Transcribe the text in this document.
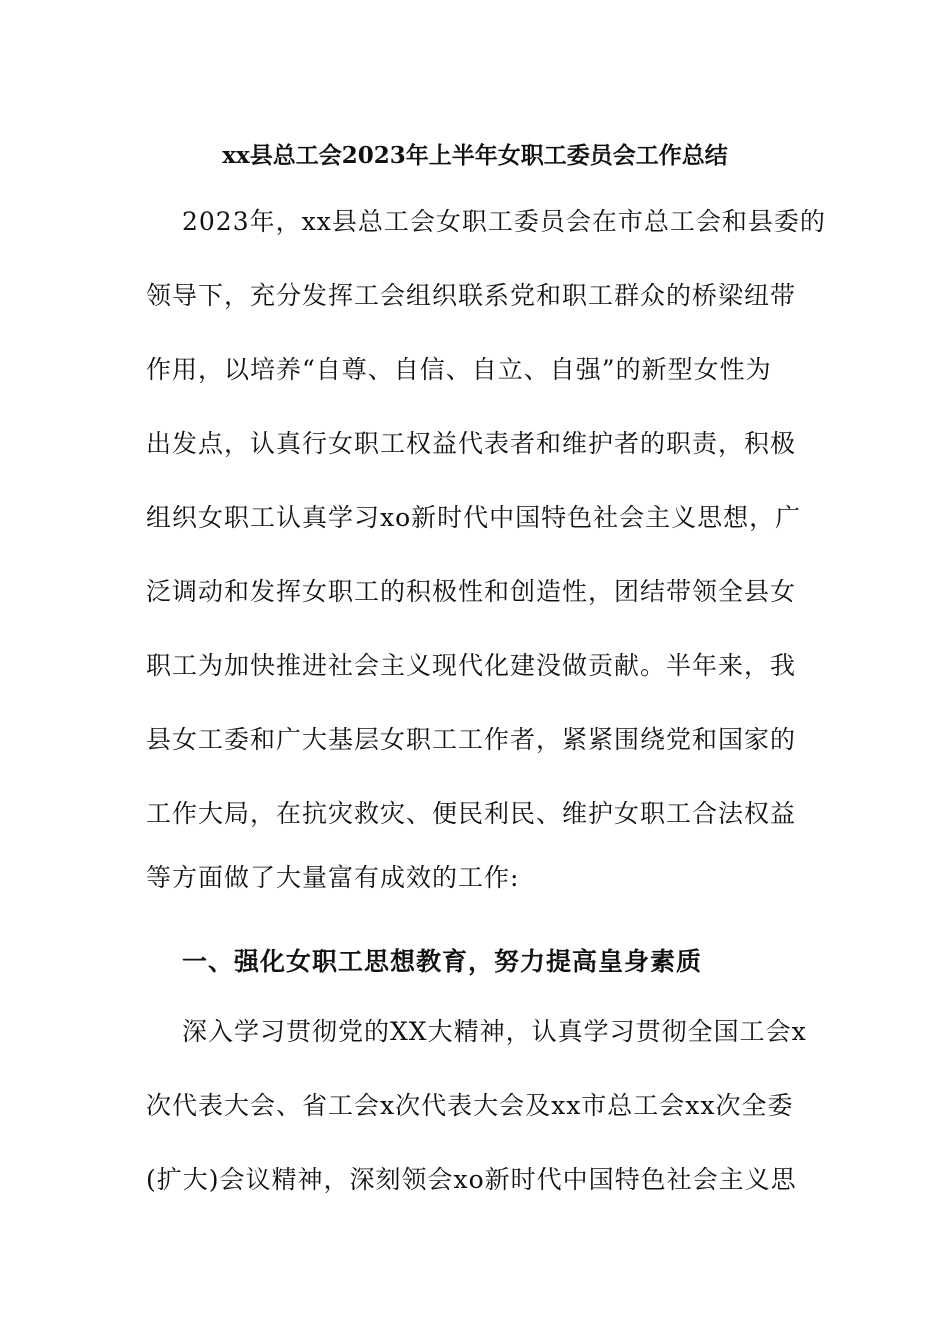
xx县总工会2023年上半年女职工委员会工作总结
2023年，xx县总工会女职工委员会在市总工会和县委的
领导下，充分发挥工会组织联系党和职工群众的桥梁纽带
作用，以培养“自尊、自信、自立、自强”的新型女性为
出发点，认真行女职工权益代表者和维护者的职责，积极
组织女职工认真学习xo新时代中国特色社会主义思想，广
泛调动和发挥女职工的积极性和创造性，团结带领全县女
职工为加快推进社会主义现代化建没做贡献。半年来，我
县女工委和广大基层女职工工作者，紧紧围绕党和国家的
工作大局，在抗灾救灾、便民利民、维护女职工合法权益
等方面做了大量富有成效的工作:
一、强化女职工思想教育，努力提高皇身素质
深入学习贯彻党的XX大精神，认真学习贯彻全国工会x
次代表大会、省工会x次代表大会及xx市总工会xx次全委
(扩大)会议精神，深刻领会xo新时代中国特色社会主义思
